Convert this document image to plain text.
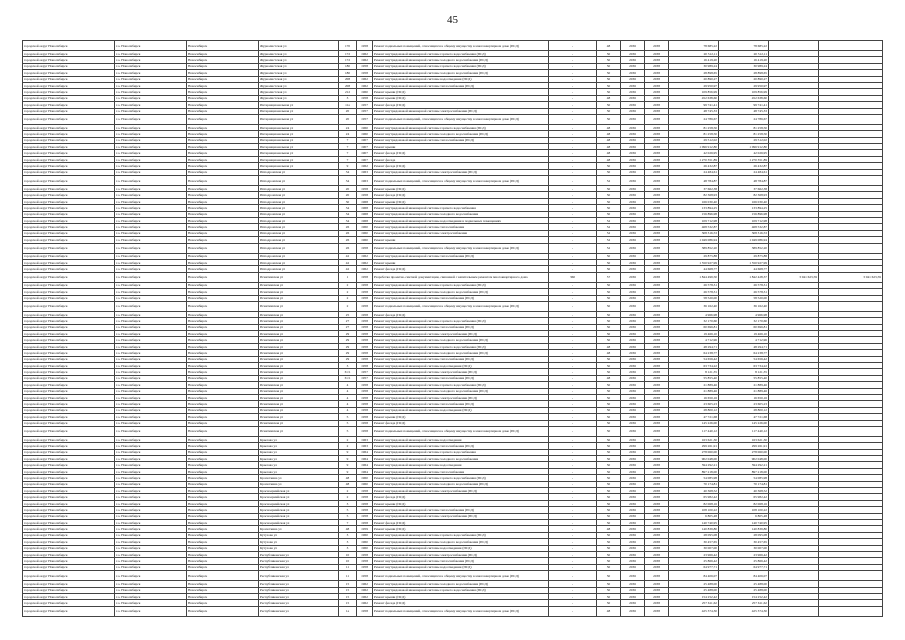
45
городской округ Новосибирск	г.о. Новосибирск	Новосибирск	Журналистская ул	170	1958	Ремонт подвальных помещений, относящихся к общему имуществу в многоквартирном доме (ПСД)	-	48	2036	2038	78 685,22	78 685,22		
городской округ Новосибирск	г.о. Новосибирск	Новосибирск	Журналистская ул	172	1962	Ремонт внутридомовой инженерной системы горячего водоснабжения (ПСД)	-	50	2036	2038	20 312,11	20 312,11		
городской округ Новосибирск	г.о. Новосибирск	Новосибирск	Журналистская ул	172	1962	Ремонт внутридомовой инженерной системы холодного водоснабжения (ПСД)	-	50	2036	2038	16 419,20	16 419,20		
городской округ Новосибирск	г.о. Новосибирск	Новосибирск	Журналистская ул	180	1958	Ремонт внутридомовой инженерной системы горячего водоснабжения (ПСД)	-	50	2036	2038	30 989,24	30 989,24		
городской округ Новосибирск	г.о. Новосибирск	Новосибирск	Журналистская ул	180	1958	Ремонт внутридомовой инженерной системы холодного водоснабжения (ПСД)	-	50	2036	2038	28 898,65	28 898,65		
городской округ Новосибирск	г.о. Новосибирск	Новосибирск	Журналистская ул	208	1962	Ремонт внутридомовой инженерной системы водоотведения (ПСД)	-	50	2036	2038	20 890,27	20 890,27		
городской округ Новосибирск	г.о. Новосибирск	Новосибирск	Журналистская ул	208	1962	Ремонт внутридомовой инженерной системы теплоснабжения (ПСД)	-	50	2036	2038	29 950,97	29 950,97		
городской округ Новосибирск	г.о. Новосибирск	Новосибирск	Журналистская ул	212	1960	Ремонт крыши (ПСД)	-	50	2036	2038	109 856,99	109 856,99		
городской округ Новосибирск	г.о. Новосибирск	Новосибирск	Журналистская ул	3	1958	Ремонт крыши (ПСД)	-	48	2036	2038	452 638,60	452 638,60		
городской округ Новосибирск	г.о. Новосибирск	Новосибирск	Интернациональная ул	11а	1957	Ремонт фасада (ПСД)	-	50	2036	2038	99 741,41	99 741,41		
городской округ Новосибирск	г.о. Новосибирск	Новосибирск	Интернациональная ул	20	1957	Ремонт внутридомовой инженерной системы электроснабжения (ПСД)	-	50	2036	2038	48 745,33	48 745,33		
городской округ Новосибирск	г.о. Новосибирск	Новосибирск	Интернациональная ул	20	1957	Ремонт подвальных помещений, относящихся к общему имуществу в многоквартирном доме (ПСД)	-	50	2036	2038	24 786,67	24 786,67		
городской округ Новосибирск	г.о. Новосибирск	Новосибирск	Интернациональная ул	24	1960	Ремонт внутридомовой инженерной системы горячего водоснабжения (ПСД)	-	48	2036	2038	81 258,50	81 258,50		
городской округ Новосибирск	г.о. Новосибирск	Новосибирск	Интернациональная ул	24	1960	Ремонт внутридомовой инженерной системы холодного водоснабжения (ПСД)	-	48	2036	2038	81 258,50	81 258,50		
городской округ Новосибирск	г.о. Новосибирск	Новосибирск	Интернациональная ул	7	1907	Ремонт внутридомовой инженерной системы теплоснабжения (ПСД)	-	48	2036	2038	29 512,02	29 512,02		
городской округ Новосибирск	г.о. Новосибирск	Новосибирск	Интернациональная ул	7	1907	Ремонт крыши	-	48	2036	2038	1 096 912,80	1 096 912,80		
городской округ Новосибирск	г.о. Новосибирск	Новосибирск	Интернациональная ул	7	1907	Ремонт фасада (ПСД)	-	48	2036	2038	42 026,95	42 026,95		
городской округ Новосибирск	г.о. Новосибирск	Новосибирск	Интернациональная ул	7	1907	Ремонт фасада	-	48	2036	2038	1 270 351,89	1 270 351,89		
городской округ Новосибирск	г.о. Новосибирск	Новосибирск	Интернациональная ул	9	1962	Ремонт фасада (ПСД)	-	50	2036	2038	26 432,87	26 432,87		
городской округ Новосибирск	г.о. Новосибирск	Новосибирск	Ипподромская ул	34	1963	Ремонт внутридомовой инженерной системы электроснабжения (ПСД)	-	50	2036	2038	24 484,61	24 484,61		
городской округ Новосибирск	г.о. Новосибирск	Новосибирск	Ипподромская ул	34	1963	Ремонт подвальных помещений, относящихся к общему имуществу в многоквартирном доме (ПСД)	-	52	2036	2038	48 784,87	48 784,87		
городской округ Новосибирск	г.о. Новосибирск	Новосибирск	Ипподромская ул	20	1958	Ремонт крыши (ПСД)	-	50	2036	2038	37 662,38	37 662,38		
городской округ Новосибирск	г.о. Новосибирск	Новосибирск	Ипподромская ул	20	1958	Ремонт фасада (ПСД)	-	50	2036	2038	82 368,93	82 368,93		
городской округ Новосибирск	г.о. Новосибирск	Новосибирск	Ипподромская ул	30	1968	Ремонт крыши (ПСД)	-	50	2036	2038	166 030,40	166 030,40		
городской округ Новосибирск	г.о. Новосибирск	Новосибирск	Ипподромская ул	34	1968	Ремонт внутридомовой инженерной системы горячего водоснабжения	-	50	2036	2038	133 894,25	133 894,25		
городской округ Новосибирск	г.о. Новосибирск	Новосибирск	Ипподромская ул	34	1968	Ремонт внутридомовой инженерной системы холодного водоснабжения	-	50	2036	2038	156 896,98	156 896,98		
городской округ Новосибирск	г.о. Новосибирск	Новосибирск	Ипподромская ул	34	1968	Ремонт внутридомовой инженерной системы водоотведения в подвальных помещениях	-	52	2036	2038	109 712,98	109 712,98		
городской округ Новосибирск	г.о. Новосибирск	Новосибирск	Ипподромская ул	26	1960	Ремонт внутридомовой инженерной системы теплоснабжения	-	52	2036	2038	468 532,87	468 532,87		
городской округ Новосибирск	г.о. Новосибирск	Новосибирск	Ипподромская ул	26	1960	Ремонт внутридомовой инженерной системы электроснабжения	-	52	2036	2038	308 316,53	308 316,53		
городской округ Новосибирск	г.о. Новосибирск	Новосибирск	Ипподромская ул	26	1960	Ремонт крыши	-	52	2036	2038	1 049 086,94	1 049 086,94		
городской округ Новосибирск	г.о. Новосибирск	Новосибирск	Ипподромская ул	26	1958	Ремонт подвальных помещений, относящихся к общему имуществу в многоквартирном доме (ПСД)	-	52	2036	2038	389 852,20	389 852,20		
городской округ Новосибирск	г.о. Новосибирск	Новосибирск	Ипподромская ул	42	1962	Ремонт внутридомовой инженерной системы теплоснабжения (ПСД)	-	50	2036	2038	29 875,88	29 875,88		
городской округ Новосибирск	г.о. Новосибирск	Новосибирск	Ипподромская ул	42	1962	Ремонт крыши	-	50	2036	2038	1 550 927,99	1 550 927,99		
городской округ Новосибирск	г.о. Новосибирск	Новосибирск	Ипподромская ул	42	1962	Ремонт фасада (ПСД)	-	50	2036	2038	44 668,77	44 668,77		
городской округ Новосибирск	г.о. Новосибирск	Новосибирск	Искитимская ул	1	1958	Разработка проектно-сметной документации, связанной с капитальным ремонтом многоквартирного дома	360	57	2036	2038	1 844 499,50	1 842 428,37	3 041 623,59	3 041 623,59
городской округ Новосибирск	г.о. Новосибирск	Новосибирск	Искитимская ул	2	1958	Ремонт внутридомовой инженерной системы горячего водоснабжения (ПСД)	-	50	2036	2038	26 578,31	26 578,31		
городской округ Новосибирск	г.о. Новосибирск	Новосибирск	Искитимская ул	2	1958	Ремонт внутридомовой инженерной системы холодного водоснабжения (ПСД)	-	50	2036	2038	26 578,31	26 578,31		
городской округ Новосибирск	г.о. Новосибирск	Новосибирск	Искитимская ул	2	1958	Ремонт внутридомовой инженерной системы теплоснабжения (ПСД)	-	50	2036	2038	58 520,00	58 520,00		
городской округ Новосибирск	г.о. Новосибирск	Новосибирск	Искитимская ул	2	1958	Ремонт подвальных помещений, относящихся к общему имуществу в многоквартирном доме (ПСД)	-	50	2036	2038	36 162,40	36 162,40		
городской округ Новосибирск	г.о. Новосибирск	Новосибирск	Искитимская ул	25	1958	Ремонт фасада (ПСД)	-	50	2036	2038	4 966,98	4 966,98		
городской округ Новосибирск	г.о. Новосибирск	Новосибирск	Искитимская ул	27	1958	Ремонт внутридомовой инженерной системы горячего водоснабжения (ПСД)	-	50	2036	2038	32 170,60	32 170,60		
городской округ Новосибирск	г.о. Новосибирск	Новосибирск	Искитимская ул	27	1958	Ремонт внутридомовой инженерной системы теплоснабжения (ПСД)	-	50	2036	2038	60 696,81	60 696,81		
городской округ Новосибирск	г.о. Новосибирск	Новосибирск	Искитимская ул	29	1958	Ремонт внутридомовой инженерной системы электроснабжения (ПСД)	-	50	2036	2038	19 466,10	19 466,10		
городской округ Новосибирск	г.о. Новосибирск	Новосибирск	Искитимская ул	29	1958	Ремонт внутридомовой инженерной системы холодного водоснабжения (ПСД)	-	50	2036	2038	4 712,96	4 712,96		
городской округ Новосибирск	г.о. Новосибирск	Новосибирск	Искитимская ул	29	1958	Ремонт внутридомовой инженерной системы горячего водоснабжения (ПСД)	-	48	2036	2038	48 294,71	48 294,71		
городской округ Новосибирск	г.о. Новосибирск	Новосибирск	Искитимская ул	29	1958	Ремонт внутридомовой инженерной системы холодного водоснабжения (ПСД)	-	48	2036	2038	64 238,77	64 238,77		
городской округ Новосибирск	г.о. Новосибирск	Новосибирск	Искитимская ул	29	1958	Ремонт внутридомовой инженерной системы теплоснабжения (ПСД)	-	50	2036	2038	54 656,42	54 656,42		
городской округ Новосибирск	г.о. Новосибирск	Новосибирск	Искитимская ул	3	1958	Ремонт внутридомовой инженерной системы водоотведения (ПСД)	-	50	2036	2038	63 734,22	63 734,22		
городской округ Новосибирск	г.о. Новосибирск	Новосибирск	Искитимская ул	31/1	1957	Ремонт внутридомовой инженерной системы электроснабжения (ПСД)	-	50	2036	2038	8 121,35	8 121,35		
городской округ Новосибирск	г.о. Новосибирск	Новосибирск	Искитимская ул	31/1	1957	Ремонт внутридомовой инженерной системы теплоснабжения (ПСД)	-	48	2036	2038	55 855,40	55 855,40		
городской округ Новосибирск	г.о. Новосибирск	Новосибирск	Искитимская ул	4	1958	Ремонт внутридомовой инженерной системы горячего водоснабжения (ПСД)	-	50	2036	2038	21 889,46	21 889,46		
городской округ Новосибирск	г.о. Новосибирск	Новосибирск	Искитимская ул	4	1958	Ремонт внутридомовой инженерной системы холодного водоснабжения (ПСД)	-	50	2036	2038	21 889,46	21 889,46		
городской округ Новосибирск	г.о. Новосибирск	Новосибирск	Искитимская ул	4	1958	Ремонт внутридомовой инженерной системы электроснабжения (ПСД)	-	50	2036	2038	16 650,16	16 650,16		
городской округ Новосибирск	г.о. Новосибирск	Новосибирск	Искитимская ул	4	1958	Ремонт внутридомовой инженерной системы теплоснабжения (ПСД)	-	50	2036	2038	23 605,23	23 605,23		
городской округ Новосибирск	г.о. Новосибирск	Новосибирск	Искитимская ул	4	1958	Ремонт внутридомовой инженерной системы водоотведения (ПСД)	-	50	2036	2038	28 800,12	28 800,12		
городской округ Новосибирск	г.о. Новосибирск	Новосибирск	Искитимская ул	5	1958	Ремонт крыши (ПСД)	-	50	2036	2038	47 721,68	47 721,68		
городской округ Новосибирск	г.о. Новосибирск	Новосибирск	Искитимская ул	5	1958	Ремонт фасада (ПСД)	-	50	2036	2038	145 226,00	145 226,00		
городской округ Новосибирск	г.о. Новосибирск	Новосибирск	Искитимская ул	5	1958	Ремонт подвальных помещений, относящихся к общему имуществу в многоквартирном доме (ПСД)	-	50	2036	2038	117 440,12	117 440,12		
городской округ Новосибирск	г.о. Новосибирск	Новосибирск	Крылова ул	2	1963	Ремонт внутридомовой инженерной системы водоотведения	-	50	2036	2038	163 621,30	163 621,30		
городской округ Новосибирск	г.о. Новосибирск	Новосибирск	Крылова ул	2	1963	Ремонт внутридомовой инженерной системы теплоснабжения (ПСД)	-	50	2036	2038	299 261,91	299 261,91		
городской округ Новосибирск	г.о. Новосибирск	Новосибирск	Крылова ул	9	1964	Ремонт внутридомовой инженерной системы горячего водоснабжения	-	50	2036	2038	278 060,00	278 060,00		
городской округ Новосибирск	г.о. Новосибирск	Новосибирск	Крылова ул	9	1964	Ремонт внутридомовой инженерной системы холодного водоснабжения	-	50	2036	2038	902 048,00	902 048,00		
городской округ Новосибирск	г.о. Новосибирск	Новосибирск	Крылова ул	9	1964	Ремонт внутридомовой инженерной системы водоотведения	-	50	2036	2038	594 292,21	594 292,21		
городской округ Новосибирск	г.о. Новосибирск	Новосибирск	Крылова ул	9	1964	Ремонт внутридомовой инженерной системы теплоснабжения	-	50	2036	2038	897 218,00	897 218,00		
городской округ Новосибирск	г.о. Новосибирск	Новосибирск	Кропоткина ул	48	1960	Ремонт внутридомовой инженерной системы горячего водоснабжения (ПСД)	-	50	2036	2038	54 085,98	54 085,98		
городской округ Новосибирск	г.о. Новосибирск	Новосибирск	Кропоткина ул	48	1960	Ремонт внутридомовой инженерной системы холодного водоснабжения (ПСД)	-	50	2036	2038	70 174,81	70 174,81		
городской округ Новосибирск	г.о. Новосибирск	Новосибирск	Красноармейская ул	2	1958	Ремонт внутридомовой инженерной системы электроснабжения (ПСД)	-	50	2036	2038	40 368,52	40 368,52		
городской округ Новосибирск	г.о. Новосибирск	Новосибирск	Красноармейская ул	2	1958	Ремонт фасада (ПСД)	-	50	2036	2038	65 982,42	65 982,42		
городской округ Новосибирск	г.о. Новосибирск	Новосибирск	Красноармейская ул	3	1958	Ремонт крыши (ПСД)	-	50	2036	2038	82 068,16	82 068,16		
городской округ Новосибирск	г.о. Новосибирск	Новосибирск	Красноармейская ул	5	1958	Ремонт внутридомовой инженерной системы теплоснабжения (ПСД)	-	50	2036	2038	108 100,22	108 100,22		
городской округ Новосибирск	г.о. Новосибирск	Новосибирск	Красноармейская ул	5	1958	Ремонт внутридомовой инженерной системы электроснабжения (ПСД)	-	50	2036	2038	6 805,48	6 805,48		
городской округ Новосибирск	г.о. Новосибирск	Новосибирск	Красноармейская ул	7	1958	Ремонт фасада (ПСД)	-	50	2036	2038	140 740,95	140 740,95		
городской округ Новосибирск	г.о. Новосибирск	Новосибирск	Кропоткина ул	48	1959	Ремонт крыши (ПСД)	-	48	2036	2038	140 839,80	140 839,80		
городской округ Новосибирск	г.о. Новосибирск	Новосибирск	Кутузова ул	3	1960	Ремонт внутридомовой инженерной системы горячего водоснабжения (ПСД)	-	50	2036	2038	28 095,08	28 095,08		
городской округ Новосибирск	г.о. Новосибирск	Новосибирск	Кутузова ул	3	1960	Ремонт внутридомовой инженерной системы холодного водоснабжения (ПСД)	-	50	2036	2038	30 457,65	30 457,65		
городской округ Новосибирск	г.о. Новосибирск	Новосибирск	Кутузова ул	3	1960	Ремонт внутридомовой инженерной системы водоотведения (ПСД)	-	50	2036	2038	30 007,00	30 007,00		
городской округ Новосибирск	г.о. Новосибирск	Новосибирск	Республиканская ул	10	1958	Ремонт внутридомовой инженерной системы электроснабжения (ПСД)	-	50	2036	2038	23 966,42	23 966,42		
городской округ Новосибирск	г.о. Новосибирск	Новосибирск	Республиканская ул	10	1958	Ремонт внутридомовой инженерной системы теплоснабжения (ПСД)	-	50	2036	2038	25 866,42	25 866,42		
городской округ Новосибирск	г.о. Новосибирск	Новосибирск	Республиканская ул	11	1958	Ремонт внутридомовой инженерной системы водоотведения (ПСД)	-	50	2036	2038	64 977,71	64 977,71		
городской округ Новосибирск	г.о. Новосибирск	Новосибирск	Республиканская ул	11	1958	Ремонт подвальных помещений, относящихся к общему имуществу в многоквартирном доме (ПСД)	-	50	2036	2038	84 406,07	84 406,07		
городской округ Новосибирск	г.о. Новосибирск	Новосибирск	Республиканская ул	15	1962	Ремонт внутридомовой инженерной системы холодного водоснабжения (ПСД)	-	50	2036	2038	25 488,00	25 488,00		
городской округ Новосибирск	г.о. Новосибирск	Новосибирск	Республиканская ул	15	1962	Ремонт внутридомовой инженерной системы горячего водоснабжения (ПСД)	-	50	2036	2038	25 488,00	25 488,00		
городской округ Новосибирск	г.о. Новосибирск	Новосибирск	Республиканская ул	15	1962	Ремонт крыши (ПСД)	-	50	2036	2038	154 252,42	154 252,42		
городской округ Новосибирск	г.о. Новосибирск	Новосибирск	Республиканская ул	15	1962	Ремонт фасада (ПСД)	-	50	2036	2038	257 611,62	257 611,62		
городской округ Новосибирск	г.о. Новосибирск	Новосибирск	Республиканская ул	1а	1958	Ремонт подвальных помещений, относящихся к общему имуществу в многоквартирном доме (ПСД)	-	48	2036	2038	425 374,30	425 374,30		
